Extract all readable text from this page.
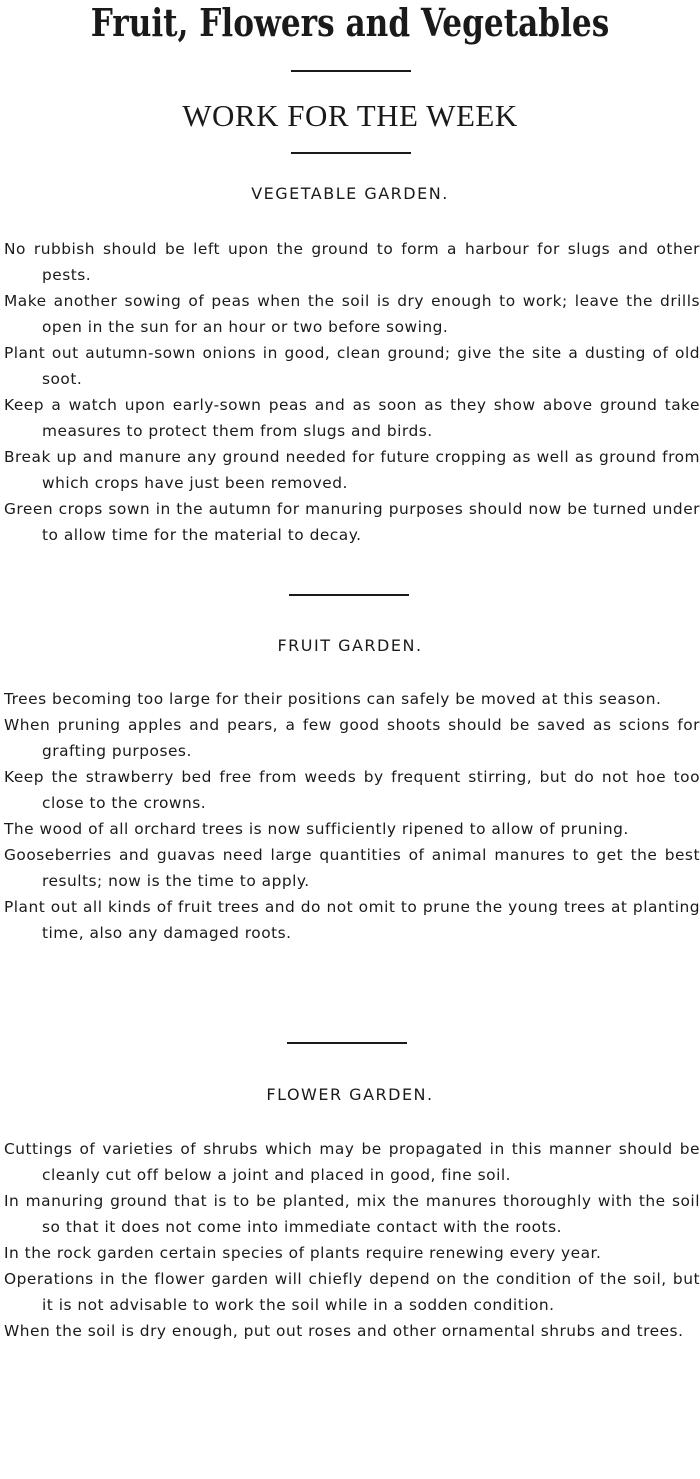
Fruit, Flowers and Vegetables
WORK FOR THE WEEK
VEGETABLE GARDEN.
No rubbish should be left upon the ground to form a harbour for slugs and other pests.
Make another sowing of peas when the soil is dry enough to work; leave the drills open in the sun for an hour or two before sowing.
Plant out autumn-sown onions in good, clean ground; give the site a dusting of old soot.
Keep a watch upon early-sown peas and as soon as they show above ground take measures to protect them from slugs and birds.
Break up and manure any ground needed for future cropping as well as ground from which crops have just been removed.
Green crops sown in the autumn for manuring purposes should now be turned under to allow time for the material to decay.
FRUIT GARDEN.
Trees becoming too large for their positions can safely be moved at this season.
When pruning apples and pears, a few good shoots should be saved as scions for grafting purposes.
Keep the strawberry bed free from weeds by frequent stirring, but do not hoe too close to the crowns.
The wood of all orchard trees is now sufficiently ripened to allow of pruning.
Gooseberries and guavas need large quantities of animal manures to get the best results; now is the time to apply.
Plant out all kinds of fruit trees and do not omit to prune the young trees at planting time, also any damaged roots.
FLOWER GARDEN.
Cuttings of varieties of shrubs which may be propagated in this manner should be cleanly cut off below a joint and placed in good, fine soil.
In manuring ground that is to be planted, mix the manures thoroughly with the soil so that it does not come into immediate contact with the roots.
In the rock garden certain species of plants require renewing every year.
Operations in the flower garden will chiefly depend on the condition of the soil, but it is not advisable to work the soil while in a sodden condition.
When the soil is dry enough, put out roses and other ornamental shrubs and trees.
